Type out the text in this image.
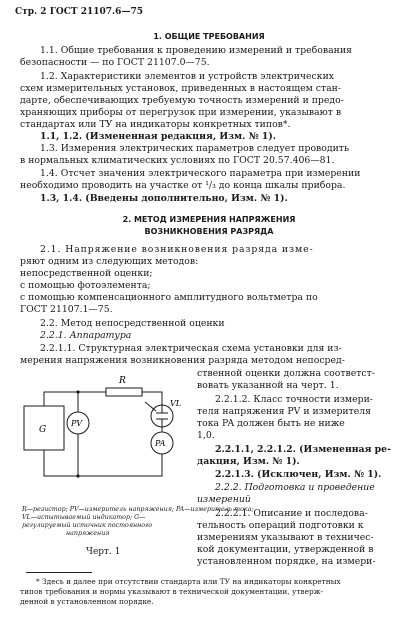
Стр. 2 ГОСТ 21107.6—75
1. ОБЩИЕ ТРЕБОВАНИЯ
1.1. Общие требования к проведению измерений и требования
безопасности — по ГОСТ 21107.0—75.
1.2. Характеристики элементов и устройств электрических
схем измерительных установок, приведенных в настоящем стан-
дарте, обеспечивающих требуемую точность измерений и предо-
храняющих приборы от перегрузок при измерении, указывают в
стандартах или ТУ на индикаторы конкретных типов*.
1.1, 1.2. (Измененная редакция, Изм. № 1).
1.3. Измерения электрических параметров следует проводить
в нормальных климатических условиях по ГОСТ 20.57.406—81.
1.4. Отсчет значения электрического параметра при измерении
необходимо проводить на участке от ¹/₃ до конца шкалы прибора.
1.3, 1.4. (Введены дополнительно, Изм. № 1).
2. МЕТОД ИЗМЕРЕНИЯ НАПРЯЖЕНИЯ
ВОЗНИКНОВЕНИЯ РАЗРЯДА
2.1. Напряжение возникновения разряда изме-
ряют одним из следующих методов:
непосредственной оценки;
с помощью фотоэлемента;
с помощью компенсационного амплитудного вольтметра по
ГОСТ 21107.1—75.
2.2. Метод непосредственной оценки
2.2.1. Аппаратура
2.2.1.1. Структурная электрическая схема установки для из-
мерения напряжения возникновения разряда методом непосред-
ственной оценки должна соответст-
вовать указанной на черт. 1.
2.2.1.2. Класс точности измери-
теля напряжения PV и измерителя
тока PA должен быть не ниже
1,0.
2.2.1.1, 2.2.1.2. (Измененная ре-
дакция, Изм. № 1).
2.2.1.3. (Исключен, Изм. № 1).
2.2.2. Подготовка и проведение
измерений
2.2.2.1. Описание и последова-
тельность операций подготовки к
измерениям указывают в техничес-
кой документации, утвержденной в
установленном порядке, на измери-
R
G
PV
VL
PA
R—резистор; PV—измеритель напряжения; PA—измеритель тока;
VL—испытываемый индикатор; G—
регулируемый источник постоянного
напряжения
Черт. 1
* Здесь и далее при отсутствии стандарта или ТУ на индикаторы конкретных
типов требования и нормы указывают в технической документации, утверж-
денной в установленном порядке.
